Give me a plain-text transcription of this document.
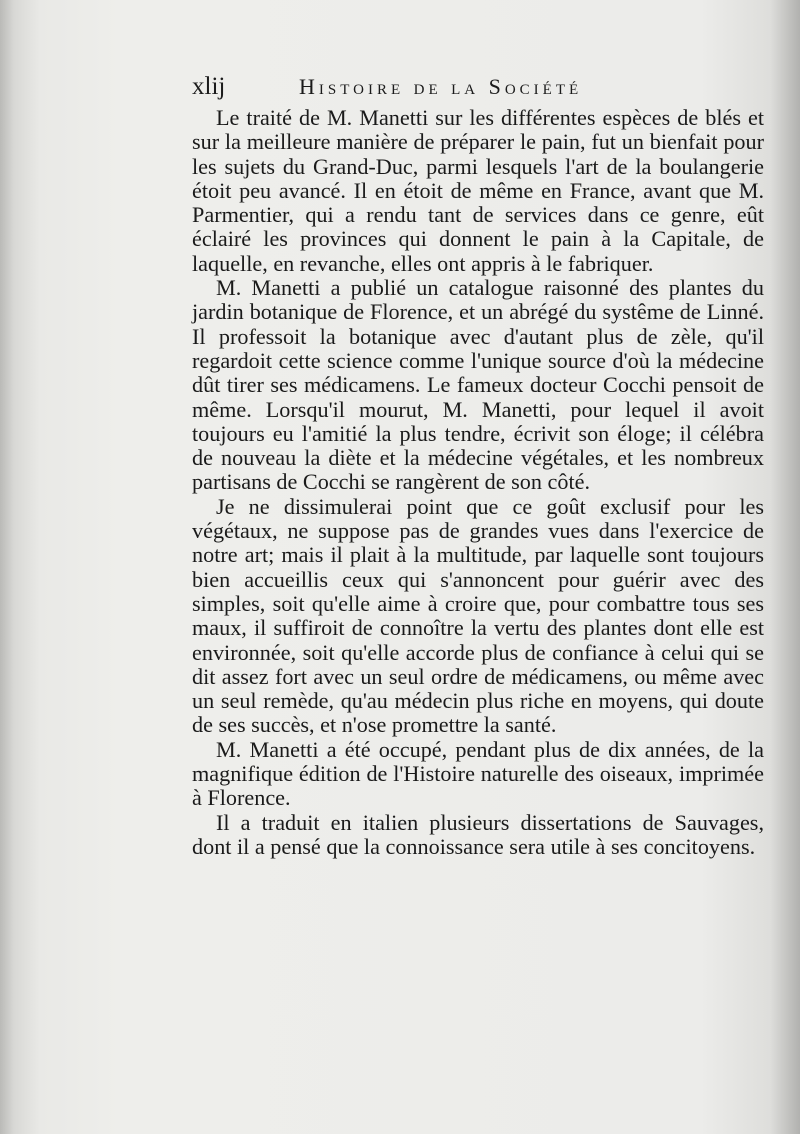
xlij	Histoire de la Société

Le traité de M. Manetti sur les différentes espèces de blés et sur la meilleure manière de préparer le pain, fut un bienfait pour les sujets du Grand-Duc, parmi lesquels l'art de la boulangerie étoit peu avancé. Il en étoit de même en France, avant que M. Parmentier, qui a rendu tant de services dans ce genre, eût éclairé les provinces qui donnent le pain à la Capitale, de laquelle, en revanche, elles ont appris à le fabriquer.

M. Manetti a publié un catalogue raisonné des plantes du jardin botanique de Florence, et un abrégé du systême de Linné. Il professoit la botanique avec d'autant plus de zèle, qu'il regardoit cette science comme l'unique source d'où la médecine dût tirer ses médicamens. Le fameux docteur Cocchi pensoit de même. Lorsqu'il mourut, M. Manetti, pour lequel il avoit toujours eu l'amitié la plus tendre, écrivit son éloge; il célébra de nouveau la diète et la médecine végétales, et les nombreux partisans de Cocchi se rangèrent de son côté.

Je ne dissimulerai point que ce goût exclusif pour les végétaux, ne suppose pas de grandes vues dans l'exercice de notre art; mais il plait à la multitude, par laquelle sont toujours bien accueillis ceux qui s'annoncent pour guérir avec des simples, soit qu'elle aime à croire que, pour combattre tous ses maux, il suffiroit de connoître la vertu des plantes dont elle est environnée, soit qu'elle accorde plus de confiance à celui qui se dit assez fort avec un seul ordre de médicamens, ou même avec un seul remède, qu'au médecin plus riche en moyens, qui doute de ses succès, et n'ose promettre la santé.

M. Manetti a été occupé, pendant plus de dix années, de la magnifique édition de l'Histoire naturelle des oiseaux, imprimée à Florence.

Il a traduit en italien plusieurs dissertations de Sauvages, dont il a pensé que la connoissance sera utile à ses concitoyens.
